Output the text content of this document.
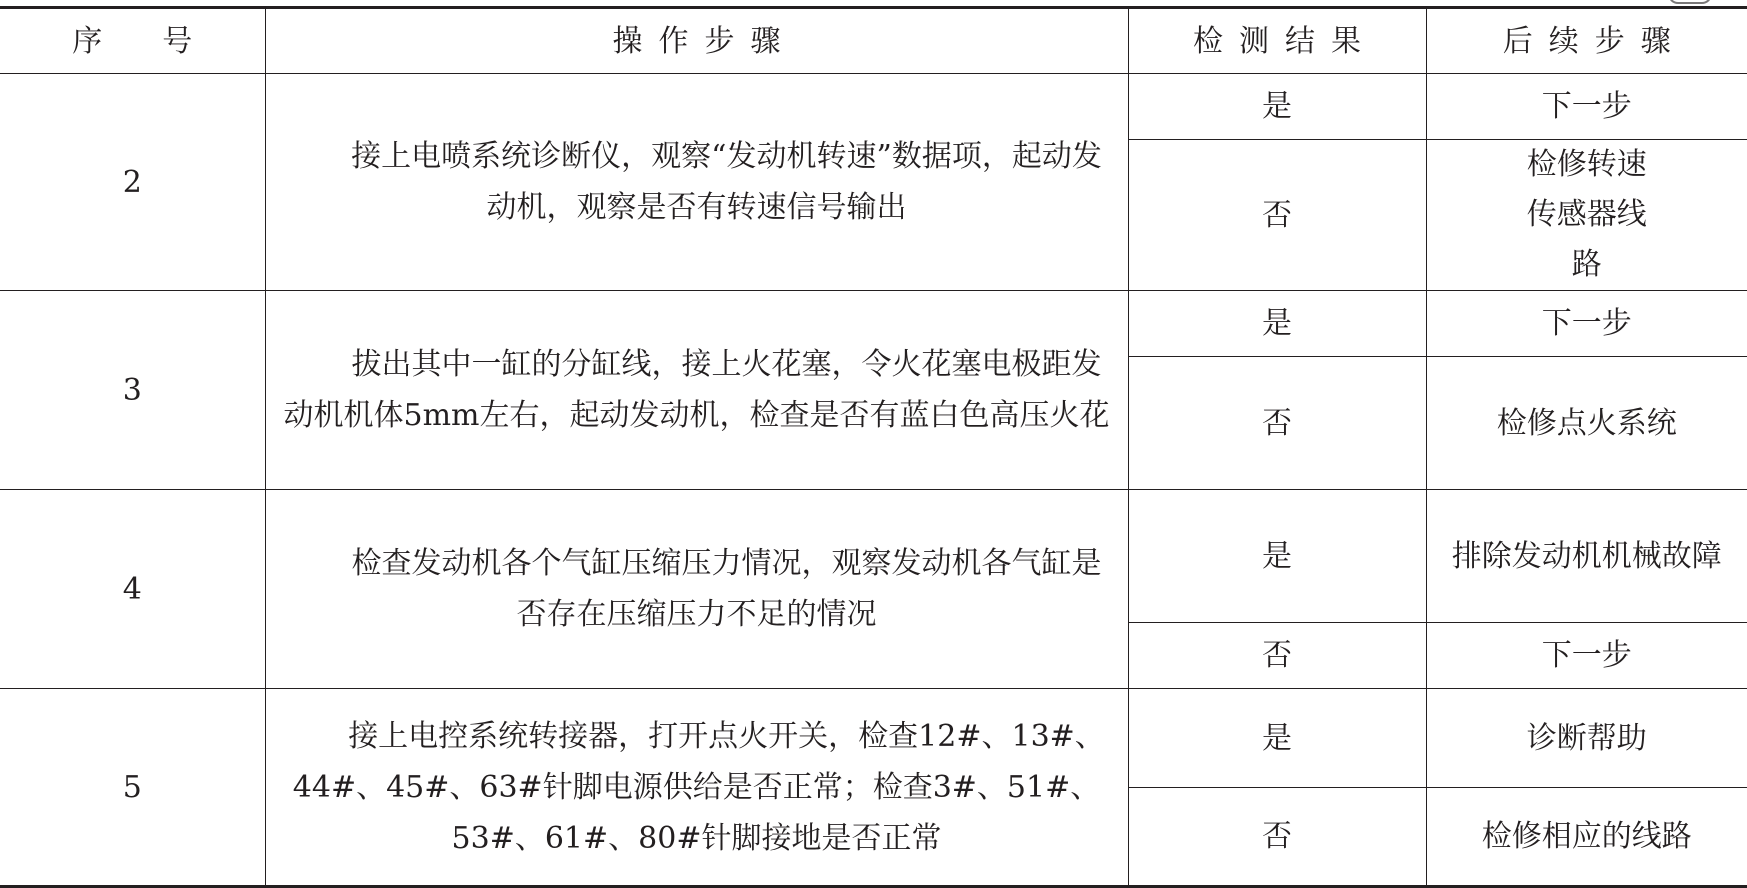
序号	操作步骤	检测结果	后续步骤
2	接上电喷系统诊断仪，观察“发动机转速”数据项，起动发动机，观察是否有转速信号输出	是	下一步
		否	检修转速传感器线路
3	拔出其中一缸的分缸线，接上火花塞，令火花塞电极距发动机机体5mm左右，起动发动机，检查是否有蓝白色高压火花	是	下一步
		否	检修点火系统
4	检查发动机各个气缸压缩压力情况，观察发动机各气缸是否存在压缩压力不足的情况	是	排除发动机机械故障
		否	下一步
5	接上电控系统转接器，打开点火开关，检查12#、13#、44#、45#、63#针脚电源供给是否正常；检查3#、51#、53#、61#、80#针脚接地是否正常	是	诊断帮助
		否	检修相应的线路
